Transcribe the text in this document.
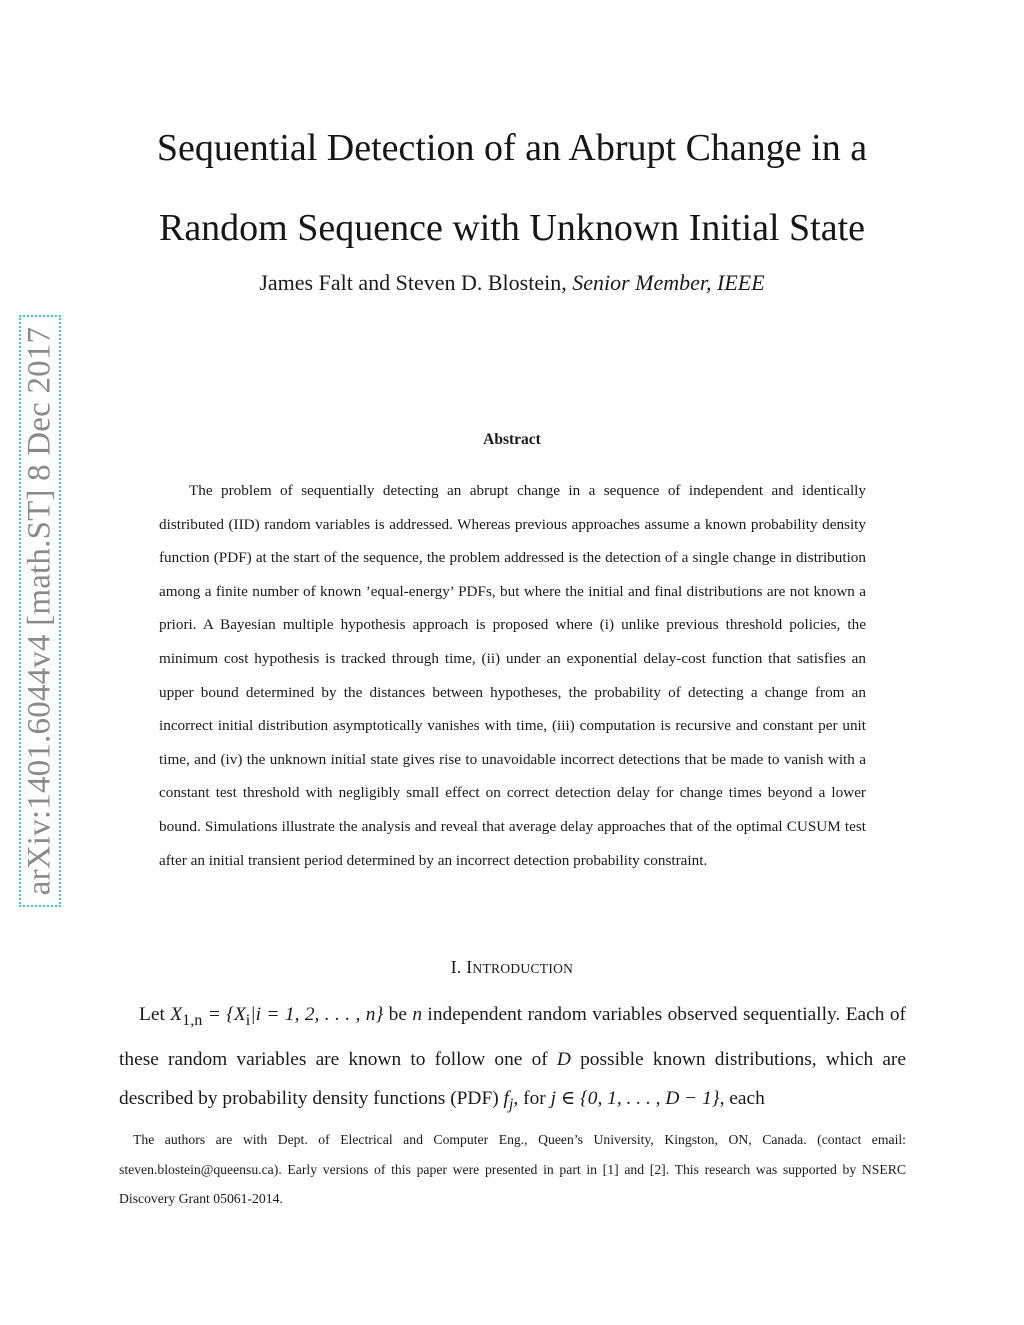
arXiv:1401.6044v4 [math.ST] 8 Dec 2017
Sequential Detection of an Abrupt Change in a
Random Sequence with Unknown Initial State
James Falt and Steven D. Blostein, Senior Member, IEEE
Abstract

The problem of sequentially detecting an abrupt change in a sequence of independent and identically distributed (IID) random variables is addressed. Whereas previous approaches assume a known probability density function (PDF) at the start of the sequence, the problem addressed is the detection of a single change in distribution among a finite number of known ’equal-energy’ PDFs, but where the initial and final distributions are not known a priori. A Bayesian multiple hypothesis approach is proposed where (i) unlike previous threshold policies, the minimum cost hypothesis is tracked through time, (ii) under an exponential delay-cost function that satisfies an upper bound determined by the distances between hypotheses, the probability of detecting a change from an incorrect initial distribution asymptotically vanishes with time, (iii) computation is recursive and constant per unit time, and (iv) the unknown initial state gives rise to unavoidable incorrect detections that be made to vanish with a constant test threshold with negligibly small effect on correct detection delay for change times beyond a lower bound. Simulations illustrate the analysis and reveal that average delay approaches that of the optimal CUSUM test after an initial transient period determined by an incorrect detection probability constraint.

I. INTRODUCTION

Let $X_{1,n} = \{X_i|i = 1$, 2, . . . , n} be n independent random variables observed sequentially. Each of these random variables are known to follow one of D possible known distributions, which are described by probability density functions (PDF) $f_j$, for j ∈ {0, 1, . . . , D − 1}, each

The authors are with Dept. of Electrical and Computer Eng., Queen’s University, Kingston, ON, Canada. (contact email: steven.blostein@queensu.ca). Early versions of this paper were presented in part in [1] and [2]. This research was supported by NSERC Discovery Grant 05061-2014.
